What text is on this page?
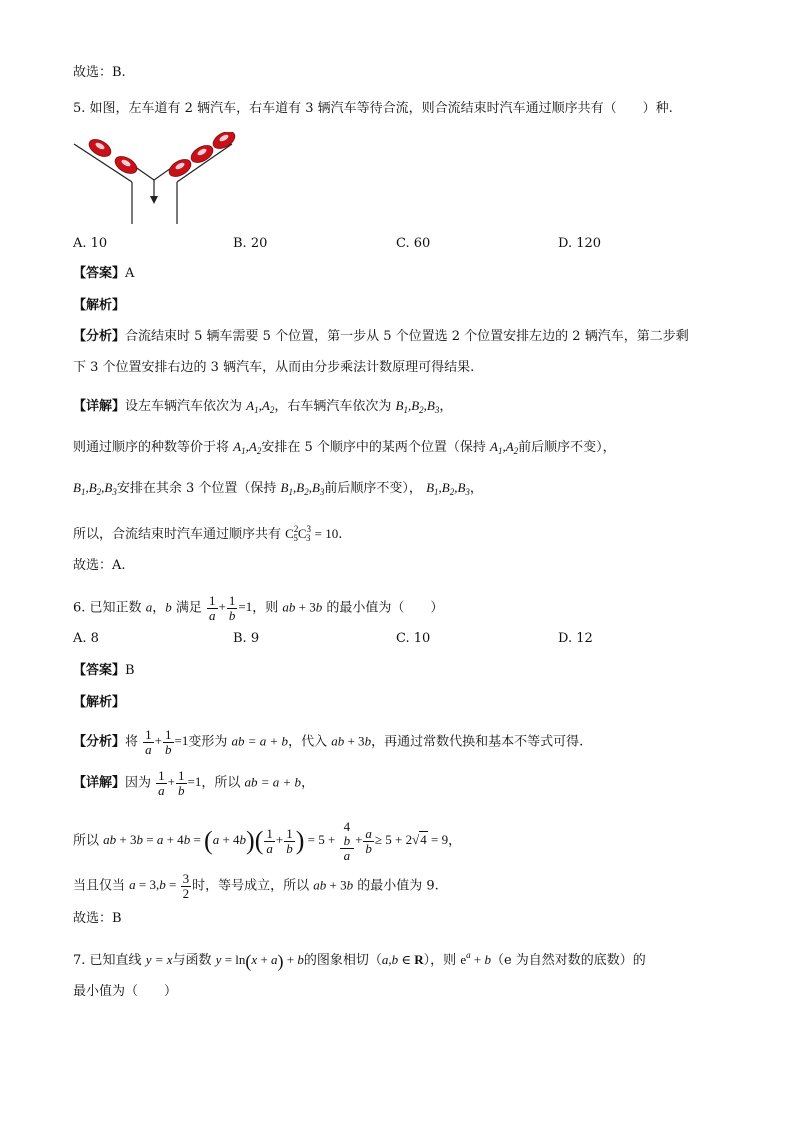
故选：B.
5. 如图，左车道有 2 辆汽车，右车道有 3 辆汽车等待合流，则合流结束时汽车通过顺序共有（　　）种.
A. 10	B. 20	C. 60	D. 120
【答案】A
【解析】
【分析】合流结束时 5 辆车需要 5 个位置，第一步从 5 个位置选 2 个位置安排左边的 2 辆汽车，第二步剩
下 3 个位置安排右边的 3 辆汽车，从而由分步乘法计数原理可得结果.
【详解】设左车辆汽车依次为 $A_1,A_2$，右车辆汽车依次为 $B_1,B_2,B_3$，
则通过顺序的种数等价于将 $A_1,A_2$安排在 5 个顺序中的某两个位置（保持 $A_1,A_2$前后顺序不变），
$B_1,B_2,B_3$安排在其余 3 个位置（保持 $B_1,B_2,B_3$前后顺序不变）， $B_1,B_2,B_3$，
所以，合流结束时汽车通过顺序共有 $C^2_5C^3_3 = 10$.
故选：A.
6. 已知正数 a，b 满足 $\frac{1}{a} + \frac{1}{b} =1$，则 ab + 3b 的最小值为（　　）
A. 8	B. 9	C. 10	D. 12
【答案】B
【解析】
【分析】将 $\frac{1}{a} + \frac{1}{b} =1$变形为 ab = a + b，代入 ab + 3b，再通过常数代换和基本不等式可得.
【详解】因为 $\frac{1}{a} + \frac{1}{b} =1$，所以 ab = a + b，
所以 ab + $3b = a + 4b = (a + 4b)( \frac{1}{a} + \frac{1}{b}$ ) = 5 + 4
b
$a + \frac{a}{b} \ge 5 + 2√4 = 9$，
当且仅当 $a = 3,b = \frac{3}{2}$ 时，等号成立，所以 ab + 3b 的最小值为 9.
故选：B
7. 已知直线 y = x与函数 y = ln(x + a) + b的图象相切（a,b ∈ R），则 $e^a + b(e$ 为自然对数的底数）的
最小值为（　　）
